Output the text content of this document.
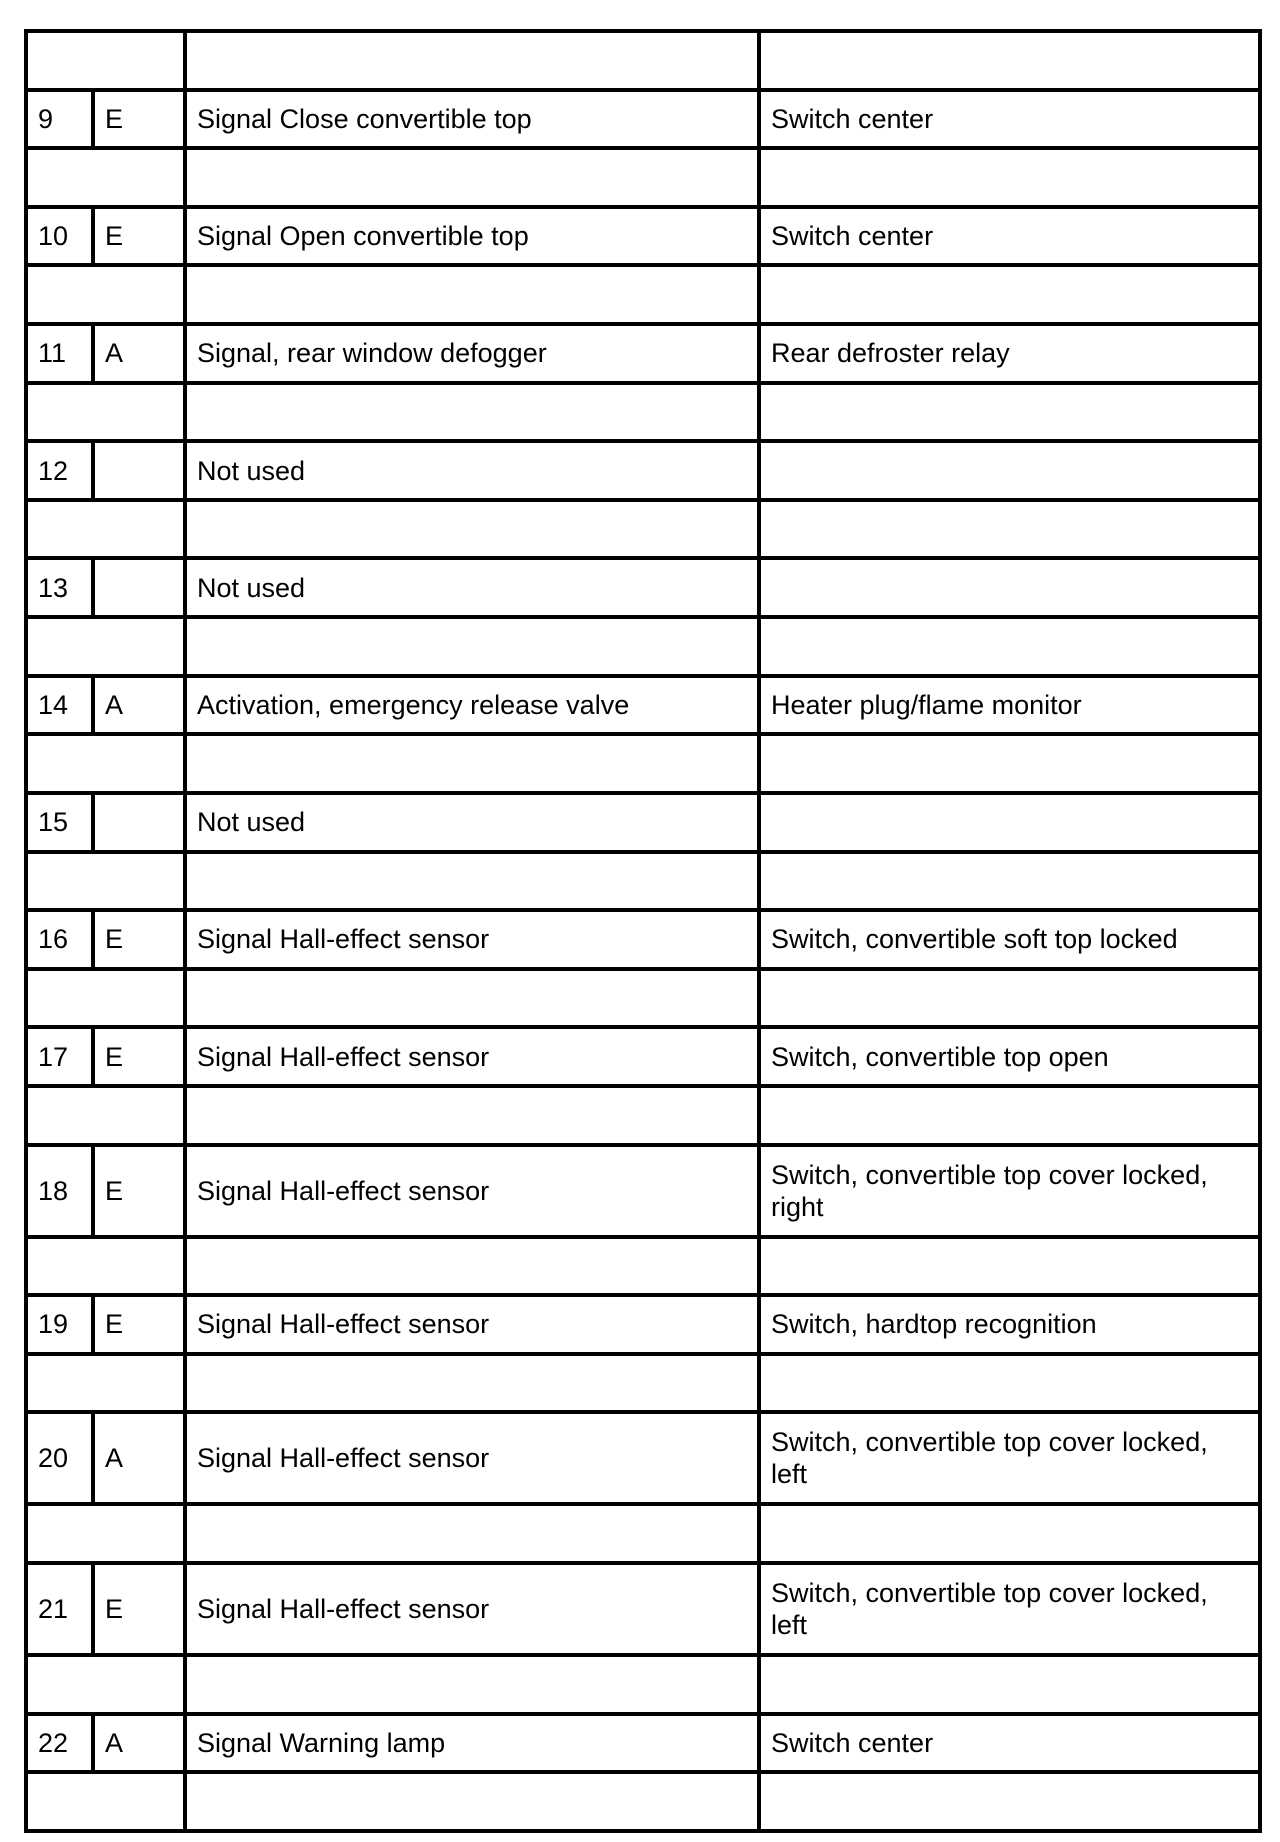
9	E	Signal Close convertible top	Switch center

10	E	Signal Open convertible top	Switch center

11	A	Signal, rear window defogger	Rear defroster relay

12		Not used	

13		Not used	

14	A	Activation, emergency release valve	Heater plug/flame monitor

15		Not used	

16	E	Signal Hall-effect sensor	Switch, convertible soft top locked

17	E	Signal Hall-effect sensor	Switch, convertible top open

18	E	Signal Hall-effect sensor	Switch, convertible top cover locked, right

19	E	Signal Hall-effect sensor	Switch, hardtop recognition

20	A	Signal Hall-effect sensor	Switch, convertible top cover locked, left

21	E	Signal Hall-effect sensor	Switch, convertible top cover locked, left

22	A	Signal Warning lamp	Switch center
